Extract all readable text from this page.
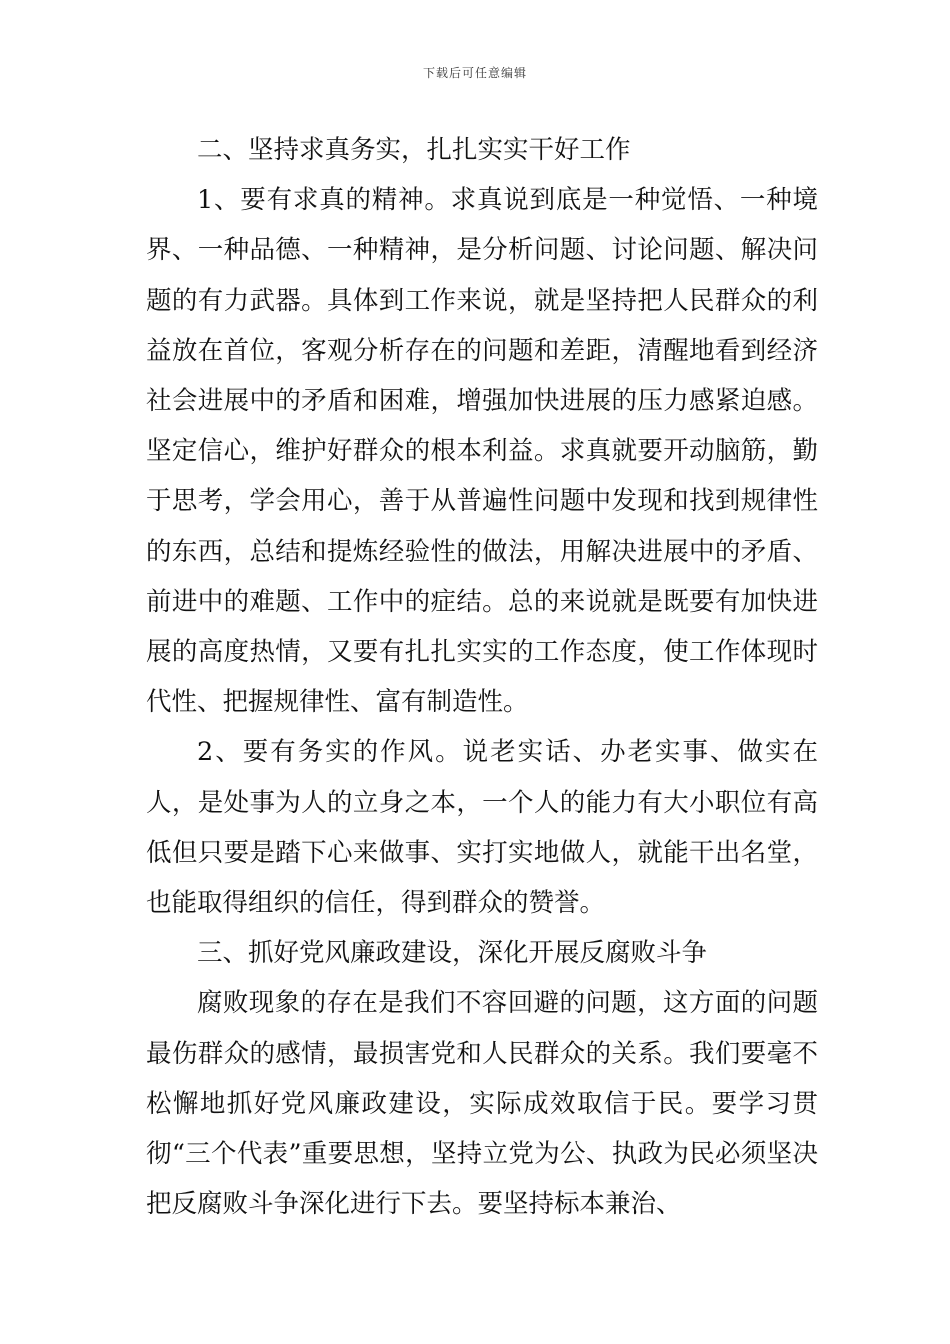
下载后可任意编辑

二、坚持求真务实，扎扎实实干好工作

1、要有求真的精神。求真说到底是一种觉悟、一种境界、一种品德、一种精神，是分析问题、讨论问题、解决问题的有力武器。具体到工作来说，就是坚持把人民群众的利益放在首位，客观分析存在的问题和差距，清醒地看到经济社会进展中的矛盾和困难，增强加快进展的压力感紧迫感。坚定信心，维护好群众的根本利益。求真就要开动脑筋，勤于思考，学会用心，善于从普遍性问题中发现和找到规律性的东西，总结和提炼经验性的做法，用解决进展中的矛盾、前进中的难题、工作中的症结。总的来说就是既要有加快进展的高度热情，又要有扎扎实实的工作态度，使工作体现时代性、把握规律性、富有制造性。

2、要有务实的作风。说老实话、办老实事、做实在人，是处事为人的立身之本，一个人的能力有大小职位有高低但只要是踏下心来做事、实打实地做人，就能干出名堂，也能取得组织的信任，得到群众的赞誉。

三、抓好党风廉政建设，深化开展反腐败斗争

腐败现象的存在是我们不容回避的问题，这方面的问题最伤群众的感情，最损害党和人民群众的关系。我们要毫不松懈地抓好党风廉政建设，实际成效取信于民。要学习贯彻“三个代表”重要思想，坚持立党为公、执政为民必须坚决把反腐败斗争深化进行下去。要坚持标本兼治、
